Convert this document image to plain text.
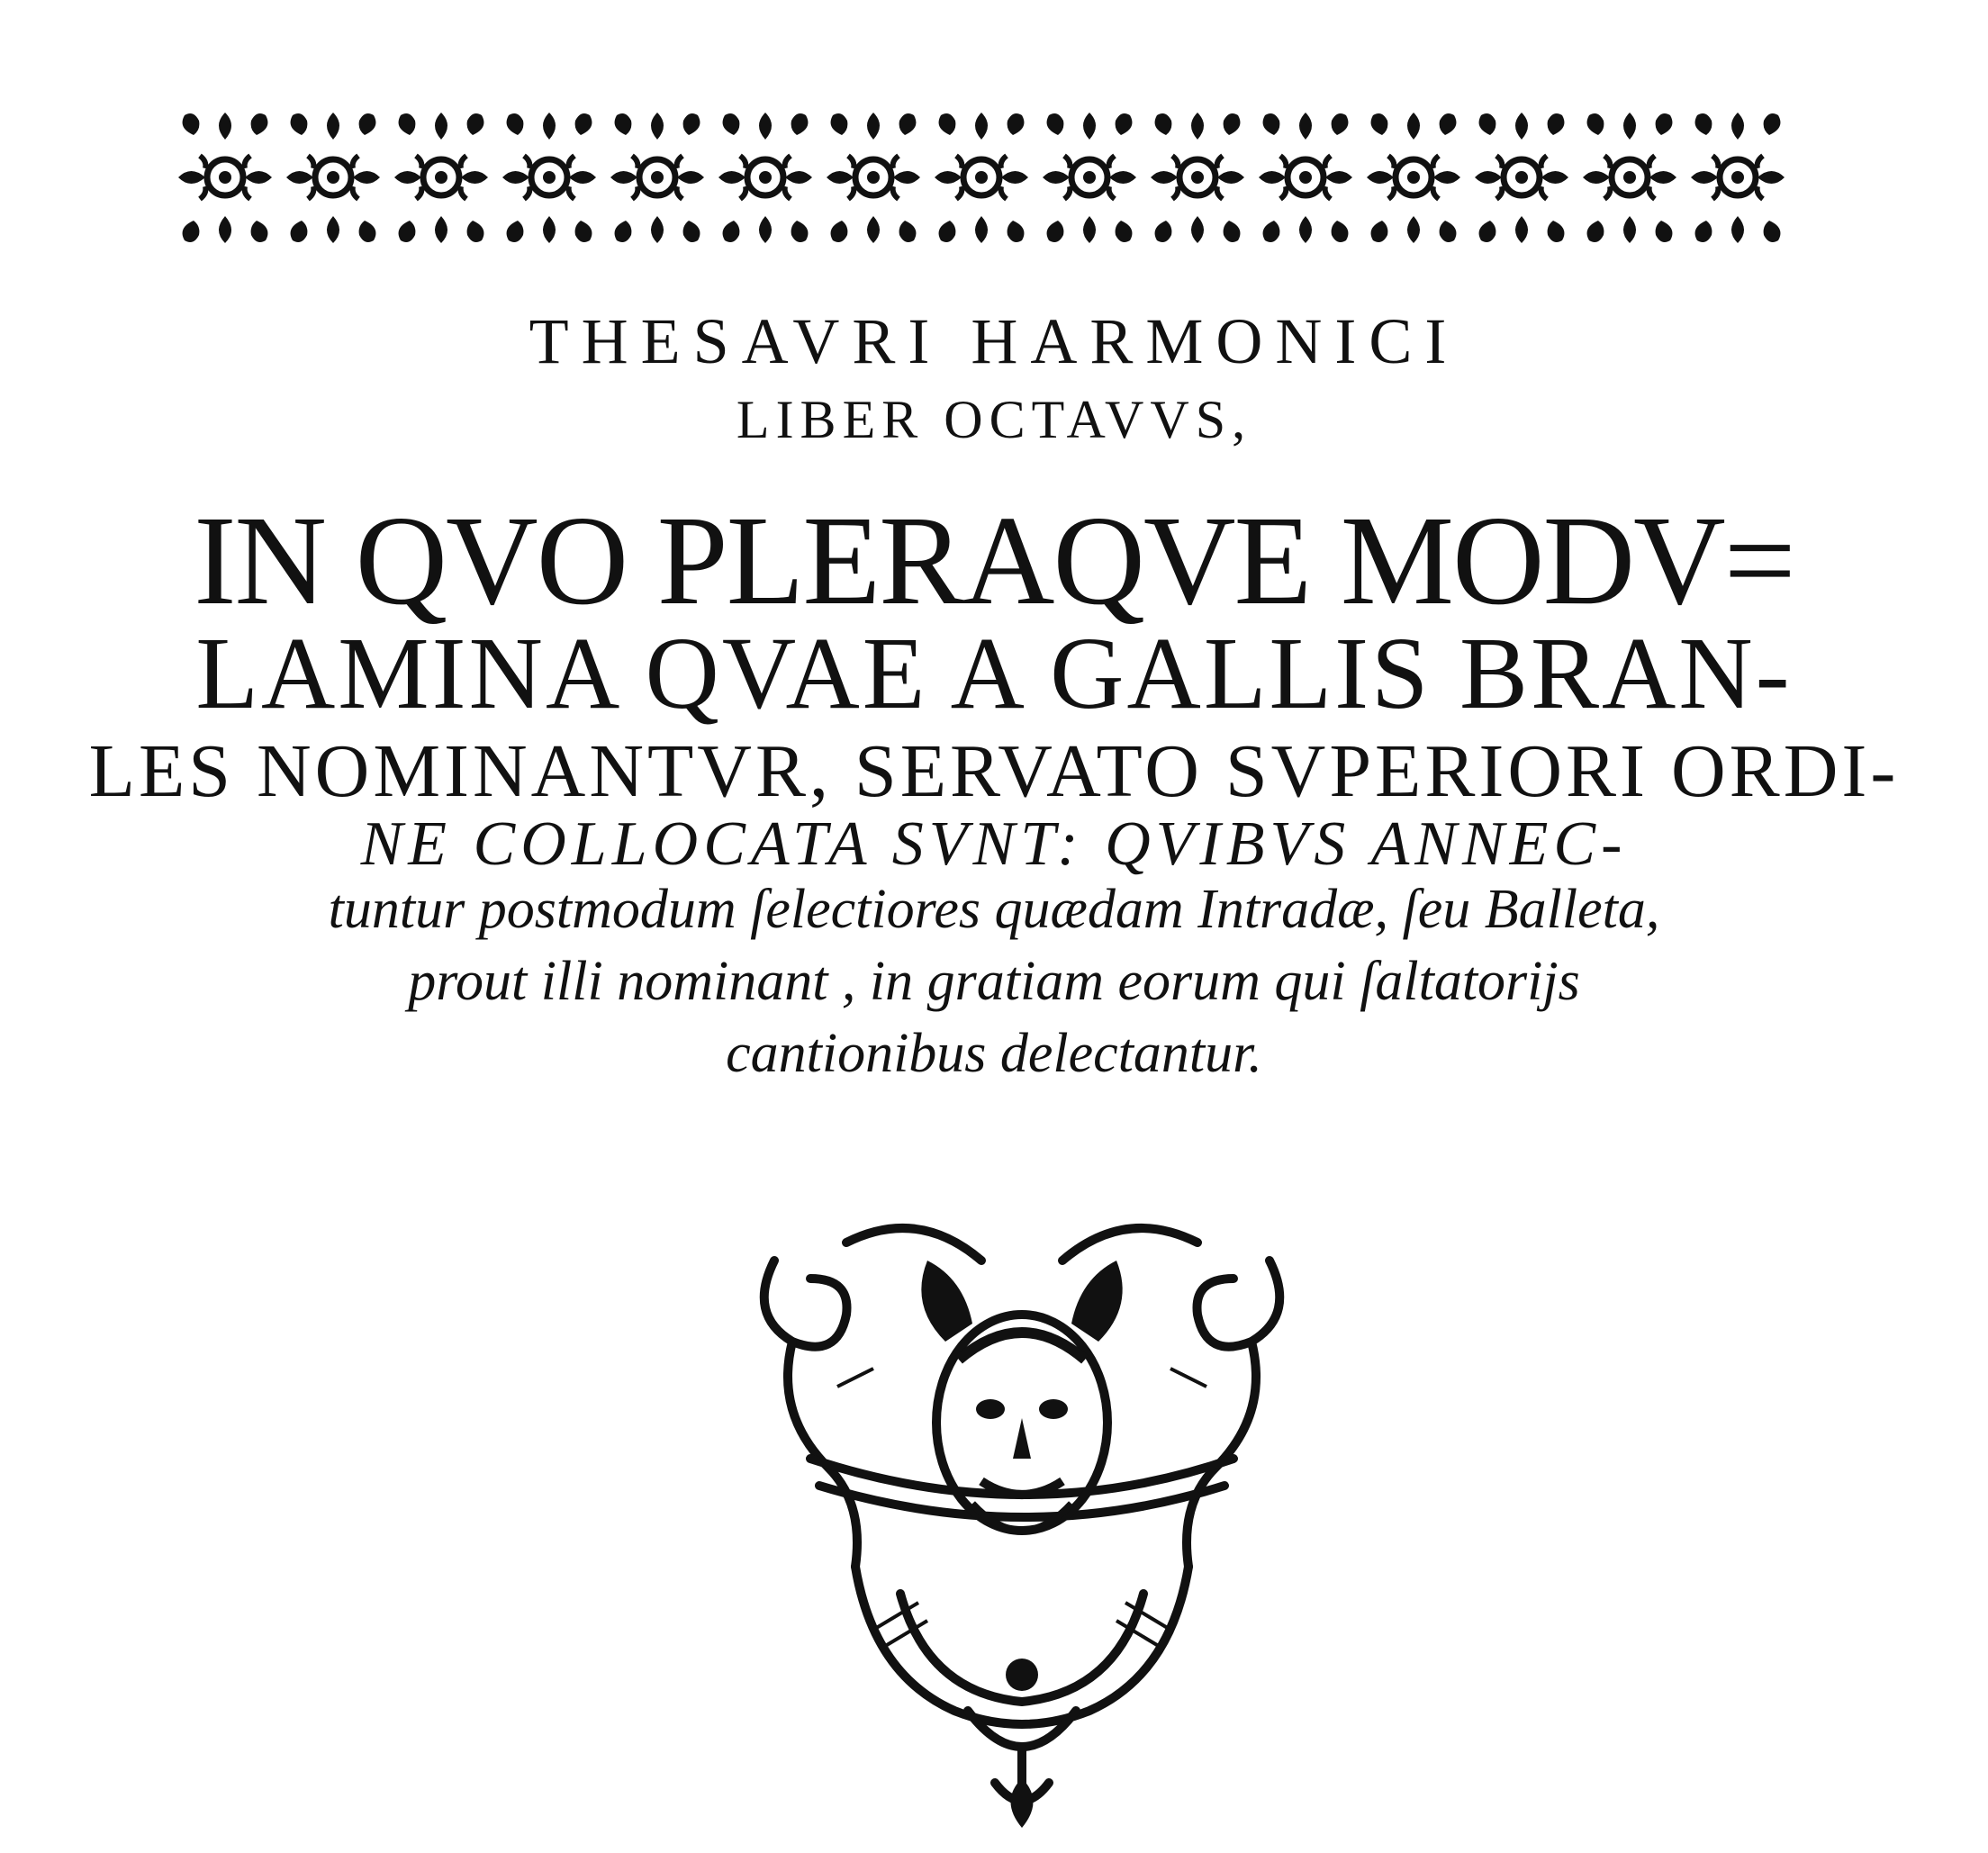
THESAVRI HARMONICI
LIBER OCTAVVS,
IN QVO PLERAQVE MODV=
LAMINA QVAE A GALLIS BRAN-
LES NOMINANTVR, SERVATO SVPERIORI ORDI-
NE COLLOCATA SVNT: QVIBVS ANNEC-
tuntur postmodum ſelectiores quædam Intradæ, ſeu Balleta,
prout illi nominant , in gratiam eorum qui ſaltatorijs
cantionibus delectantur.
